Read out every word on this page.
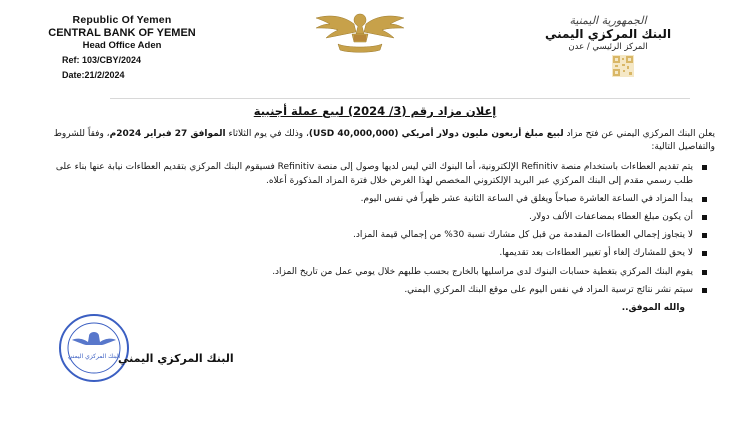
Republic Of Yemen
CENTRAL BANK OF YEMEN
Head Office Aden
Ref: 103/CBY/2024
Date:21/2/2024
الجمهورية اليمنية
البنك المركزي اليمني
المركز الرئيسي / عدن
إعلان مزاد رقم (3/ 2024) لبيع عملة أجنبية

يعلن البنك المركزي اليمني عن فتح مزاد لبيع مبلغ أربعون مليون دولار أمريكي (40,000,000 USD)، وذلك في يوم الثلاثاء الموافق 27 فبراير 2024م، وفقاً للشروط والتفاصيل التالية:

يتم تقديم العطاءات باستخدام منصة Refinitiv الإلكترونية، أما البنوك التي ليس لديها وصول إلى منصة Refinitiv فسيقوم البنك المركزي بتقديم العطاءات نيابة عنها بناء على طلب رسمي مقدم إلى البنك المركزي عبر البريد الإلكتروني المخصص لهذا الغرض خلال فترة المزاد المذكورة أعلاه.
يبدأ المزاد في الساعة العاشرة صباحاً ويغلق في الساعة الثانية عشر ظهراً في نفس اليوم.
أن يكون مبلغ العطاء بمضاعفات الألف دولار.
لا يتجاوز إجمالي العطاءات المقدمة من قبل كل مشارك نسبة 30% من إجمالي قيمة المزاد.
لا يحق للمشارك إلغاء أو تغيير العطاءات بعد تقديمها.
يقوم البنك المركزي بتغطية حسابات البنوك لدى مراسليها بالخارج بحسب طلبهم خلال يومي عمل من تاريخ المزاد.
سيتم نشر نتائج ترسية المزاد في نفس اليوم على موقع البنك المركزي اليمني.
والله الموفق..
البنك المركزي اليمني
البنك المركزي اليمني
